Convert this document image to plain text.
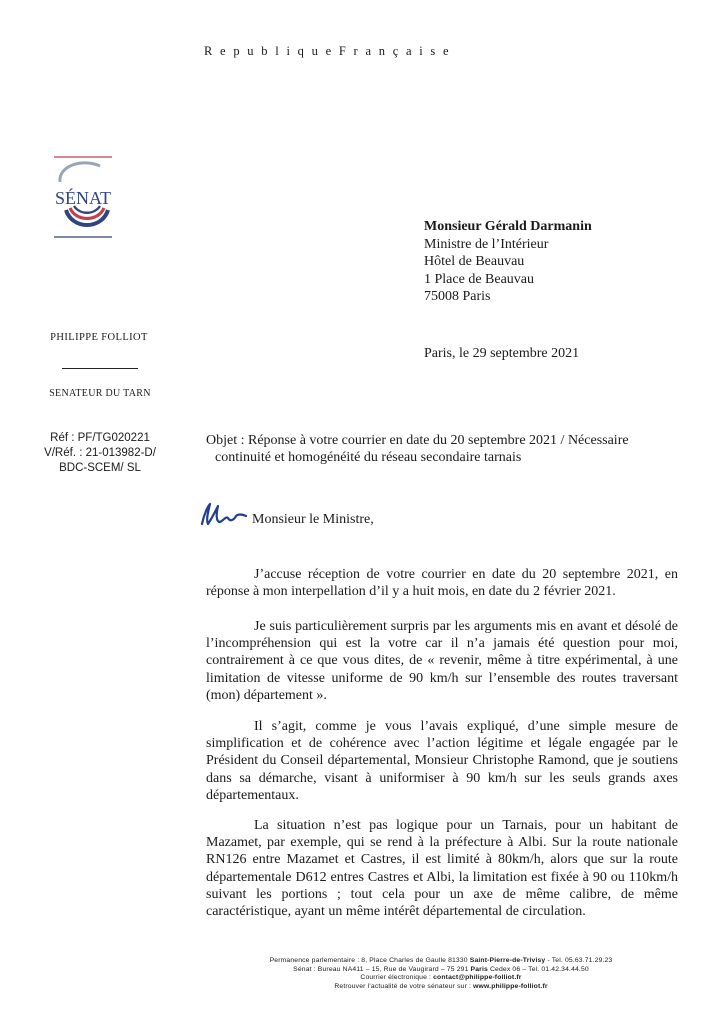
R e p u b l i q u e F r a n ç a i s e
SÉNAT
PHILIPPE FOLLIOT
SENATEUR DU TARN
Réf : PF/TG020221
V/Réf. : 21-013982-D/
BDC-SCEM/ SL
Monsieur Gérald Darmanin
Ministre de l’Intérieur
Hôtel de Beauvau
1 Place de Beauvau
75008 Paris
Paris, le 29 septembre 2021
Objet : Réponse à votre courrier en date du 20 septembre 2021 / Nécessaire
continuité et homogénéité du réseau secondaire tarnais
Monsieur le Ministre,

J’accuse réception de votre courrier en date du 20 septembre 2021, en réponse à mon interpellation d’il y a huit mois, en date du 2 février 2021.

Je suis particulièrement surpris par les arguments mis en avant et désolé de l’incompréhension qui est la votre car il n’a jamais été question pour moi, contrairement à ce que vous dites, de « revenir, même à titre expérimental, à une limitation de vitesse uniforme de 90 km/h sur l’ensemble des routes traversant (mon) département ».

Il s’agit, comme je vous l’avais expliqué, d’une simple mesure de simplification et de cohérence avec l’action légitime et légale engagée par le Président du Conseil départemental, Monsieur Christophe Ramond, que je soutiens dans sa démarche, visant à uniformiser à 90 km/h sur les seuls grands axes départementaux.

La situation n’est pas logique pour un Tarnais, pour un habitant de Mazamet, par exemple, qui se rend à la préfecture à Albi. Sur la route nationale RN126 entre Mazamet et Castres, il est limité à 80km/h, alors que sur la route départementale D612 entres Castres et Albi, la limitation est fixée à 90 ou 110km/h suivant les portions ; tout cela pour un axe de même calibre, de même caractéristique, ayant un même intérêt départemental de circulation.

Permanence parlementaire : 8, Place Charles de Gaulle 81330 Saint-Pierre-de-Trivisy - Tel. 05.63.71.29.23
Sénat : Bureau NA411 – 15, Rue de Vaugirard – 75 291 Paris Cedex 06 – Tel. 01.42.34.44.50
Courrier électronique : contact@philippe-folliot.fr
Retrouver l’actualité de votre sénateur sur : www.philippe-folliot.fr
